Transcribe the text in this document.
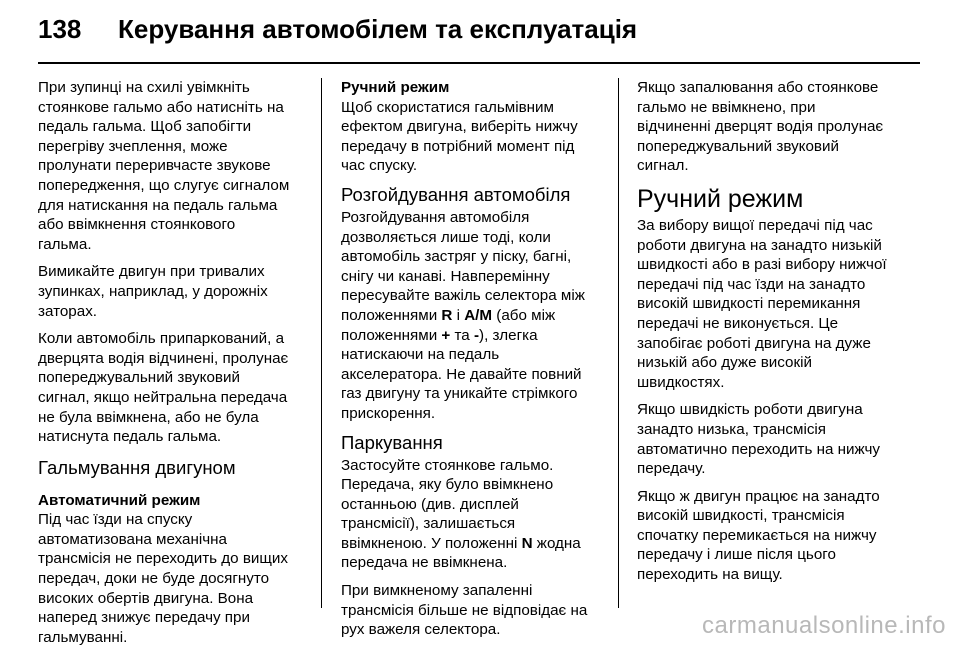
138	Керування автомобілем та експлуатація

При зупинці на схилі увімкніть
стоянкове гальмо або натисніть на
педаль гальма. Щоб запобігти
перегріву зчеплення, може
пролунати переривчасте звукове
попередження, що слугує сигналом
для натискання на педаль гальма
або ввімкнення стоянкового
гальма.

Вимикайте двигун при тривалих
зупинках, наприклад, у дорожніх
заторах.

Коли автомобіль припаркований, а
дверцята водія відчинені, пролунає
попереджувальний звуковий
сигнал, якщо нейтральна передача
не була ввімкнена, або не була
натиснута педаль гальма.

Гальмування двигуном
Автоматичний режим

Під час їзди на спуску
автоматизована механічна
трансмісія не переходить до вищих
передач, доки не буде досягнуто
високих обертів двигуна. Вона
наперед знижує передачу при
гальмуванні.

Ручний режим

Щоб скористатися гальмівним
ефектом двигуна, виберіть нижчу
передачу в потрібний момент під
час спуску.

Розгойдування автомобіля

Розгойдування автомобіля
дозволяється лише тоді, коли
автомобіль застряг у піску, багні,
снігу чи канаві. Навперемінну
пересувайте важіль селектора між
положеннями R і A/M (або між
положеннями + та -), злегка
натискаючи на педаль
акселератора. Не давайте повний
газ двигуну та уникайте стрімкого
прискорення.

Паркування

Застосуйте стоянкове гальмо.
Передача, яку було ввімкнено
останньою (див. дисплей
трансмісії), залишається
ввімкненою. У положенні N жодна
передача не ввімкнена.

При вимкненому запаленні
трансмісія більше не відповідає на
рух важеля селектора.

Якщо запалювання або стоянкове
гальмо не ввімкнено, при
відчиненні дверцят водія пролунає
попереджувальний звуковий
сигнал.

Ручний режим

За вибору вищої передачі під час
роботи двигуна на занадто низькій
швидкості або в разі вибору нижчої
передачі під час їзди на занадто
високій швидкості перемикання
передачі не виконується. Це
запобігає роботі двигуна на дуже
низькій або дуже високій
швидкостях.

Якщо швидкість роботи двигуна
занадто низька, трансмісія
автоматично переходить на нижчу
передачу.

Якщо ж двигун працює на занадто
високій швидкості, трансмісія
спочатку перемикається на нижчу
передачу і лише після цього
переходить на вищу.

carmanualsonline.info
